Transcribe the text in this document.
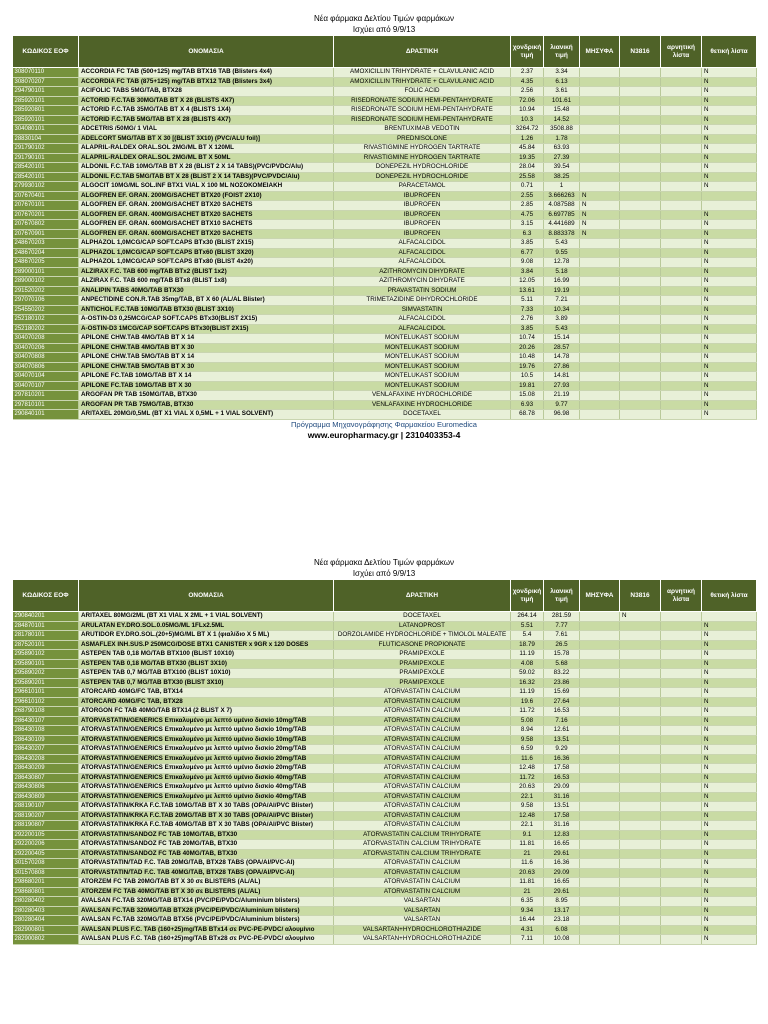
Νέα φάρμακα Δελτίου Τιμών φαρμάκων
Ισχύει από 9/9/13
ΚΩΔΙΚΟΣ ΕΟΦ	ΟΝΟΜΑΣΙΑ	ΔΡΑΣΤΙΚΗ	χονδρική τιμή	λιανική τιμή	ΜΗΣΥΦΑ	N3816	αρνητική λίστα	θετική λίστα
308070110	ACCORDIA FC TAB (500+125) mg/TAB BTX16 TAB (Blisters 4x4)	AMOXICILLIN TRIHYDRATE + CLAVULANIC ACID	2.37	3.34				N
308070207	ACCORDIA FC TAB (875+125) mg/TAB BTX12 TAB (Blisters 3x4)	AMOXICILLIN TRIHYDRATE + CLAVULANIC ACID	4.35	6.13				N
294790101	ACIFOLIC TABS 5MG/TAB, BTX28	FOLIC ACID	2.56	3.61				N
285920101	ACTORID F.C.TAB 30MG/TAB BT X 28 (BLISTS 4X7)	RISEDRONATE SODIUM HEMI-PENTAHYDRATE	72.06	101.61				N
285920801	ACTORID F.C.TAB 35MG/TAB BT X 4 (BLISTS 1X4)	RISEDRONATE SODIUM HEMI-PENTAHYDRATE	10.94	15.48				N
285920101	ACTORID F.C.TAB 5MG/TAB BT X 28 (BLISTS 4X7)	RISEDRONATE SODIUM HEMI-PENTAHYDRATE	10.3	14.52				N
304080101	ADCETRIS /50MG/ 1 VIAL	BRENTUXIMAB VEDOTIN	3264.72	3508.88				N
28830104	ADELCORT 5MG/TAB BT X 30 [(BLIST 3X10) (PVC/ALU foil)]	PREDNISOLONE	1.26	1.78				N
291790102	ALAPRIL-RALDEX ORAL.SOL 2MG/ML BT X 120ML	RIVASTIGMINE HYDROGEN TARTRATE	45.84	63.93				N
291790101	ALAPRIL-RALDEX ORAL.SOL 2MG/ML BT X 50ML	RIVASTIGMINE HYDROGEN TARTRATE	19.35	27.39				N
285420101	ALDONIL F.C.TAB 10MG/TAB BT X 28 (BLIST 2 X 14 TABS)(PVC/PVDC/Alu)	DONEPEZIL HYDROCHLORIDE	28.04	39.54				N
285420101	ALDONIL F.C.TAB 5MG/TAB BT X 28 (BLIST 2 X 14 TABS)(PVC/PVDC/Alu)	DONEPEZIL HYDROCHLORIDE	25.58	38.25				N
279930102	ALGOCIT 10MG/ML SOL.INF BTX1 VIAL X 100 ML ΝΟΣΟΚΟΜΕΙΑΚΗ	PARACETAMOL	0.71	1				N
207670401	ALGOFREN EF. GRAN. 200MG/SACHET BTX20 (FOIST 2X10)	IBUPROFEN	2.55	3.666263	N			
207670101	ALGOFREN EF. GRAN. 200MG/SACHET BTX20 SACHETS	IBUPROFEN	2.85	4.087588	N			
207670201	ALGOFREN EF. GRAN. 400MG/SACHET BTX20 SACHETS	IBUPROFEN	4.75	6.697785	N			N
207670802	ALGOFREN EF. GRAN. 600MG/SACHET BTX10 SACHETS	IBUPROFEN	3.15	4.441689	N			N
207670901	ALGOFREN EF. GRAN. 600MG/SACHET BTX20 SACHETS	IBUPROFEN	6.3	8.883378	N			N
248670203	ALPHAZOL 1,0MCG/CAP SOFT.CAPS BTx30 (BLIST 2X15)	ALFACALCIDOL	3.85	5.43				N
248670204	ALPHAZOL 1,0MCG/CAP SOFT.CAPS BTx60 (BLIST 3X20)	ALFACALCIDOL	6.77	9.55				N
248670205	ALPHAZOL 1,0MCG/CAP SOFT.CAPS BTx80 (BLIST 4x20)	ALFACALCIDOL	9.08	12.78				N
289000101	ALZIRAX F.C. TAB 600 mg/TAB BTx2 (BLIST 1x2)	AZITHROMYCIN DIHYDRATE	3.84	5.18				N
289000102	ALZIRAX F.C. TAB 600 mg/TAB BTx8 (BLIST 1x8)	AZITHROMYCIN DIHYDRATE	12.05	16.99				N
291520202	ANALIPIN TABS 40MG/TAB BTX30	PRAVASTATIN SODIUM	13.61	19.19				N
297070106	ANPECTIDINE CON.R.TAB 35mg/TAB, BT X 60 (AL/AL Blister)	TRIMETAZIDINE DIHYDROCHLORIDE	5.11	7.21				N
254550202	ANTICHOL F.C.TAB 10MG/TAB BTX30 (BLIST 3X10)	SIMVASTATIN	7.33	10.34				N
252180102	A-OSTIN-D3 0,25MCG/CAP SOFT.CAPS BTx30(BLIST 2X15)	ALFACALCIDOL	2.76	3.89				N
252180202	A-OSTIN-D3 1MCG/CAP SOFT.CAPS BTx30(BLIST 2X15)	ALFACALCIDOL	3.85	5.43				N
304070208	APILONE CHW.TAB 4MG/TAB BT X 14	MONTELUKAST SODIUM	10.74	15.14				N
304070206	APILONE CHW.TAB 4MG/TAB BT X 30	MONTELUKAST SODIUM	20.26	28.57				N
304070808	APILONE CHW.TAB 5MG/TAB BT X 14	MONTELUKAST SODIUM	10.48	14.78				N
304070806	APILONE CHW.TAB 5MG/TAB BT X 30	MONTELUKAST SODIUM	19.76	27.86				N
304070104	APILONE FC.TAB 10MG/TAB BT X 14	MONTELUKAST SODIUM	10.5	14.81				N
304070107	APILONE FC.TAB 10MG/TAB BT X 30	MONTELUKAST SODIUM	19.81	27.93				N
297810201	ARGOFAN PR TAB 150MG/TAB, BTX30	VENLAFAXINE HYDROCHLORIDE	15.08	21.19				N
297810101	ARGOFAN PR TAB 75MG/TAB, BTX30	VENLAFAXINE HYDROCHLORIDE	6.93	9.77				N
290840101	ARITAXEL 20MG/0,5ML (BT X1 VIAL X 0,5ML + 1 VIAL SOLVENT)	DOCETAXEL	68.78	96.98				N
Πρόγραμμα Μηχανογράφησης Φαρμακείου Euromedica
www.europharmacy.gr | 2310403353-4
Νέα φάρμακα Δελτίου Τιμών φαρμάκων
Ισχύει από 9/9/13
ΚΩΔΙΚΟΣ ΕΟΦ	ΟΝΟΜΑΣΙΑ	ΔΡΑΣΤΙΚΗ	χονδρική τιμή	λιανική τιμή	ΜΗΣΥΦΑ	N3816	αρνητική λίστα	θετική λίστα
290840201	ARITAXEL 80MG/2ML (BT X1 VIAL X 2ML + 1 VIAL SOLVENT)	DOCETAXEL	264.14	281.59		N		
284870101	ARULATAN EY.DRO.SOL.0.05MG/ML 1FLx2.5ML	LATANOPROST	5.51	7.77				N
281780101	ARUTIDOR EY.DRO.SOL.(20+5)MG/ML BT X 1 (φιαλίδιο X 5 ML)	DORZOLAMIDE HYDROCHLORIDE + TIMOLOL MALEATE	5.4	7.61				N
287520101	ASMAFLEX INH.SUS.P 250MCG/DOSE BTX1 CANISTER x 9GR x 120 DOSES	FLUTICASONE PROPIONATE	18.79	26.5				N
295890102	ASTEPEN TAB 0,18 MG/TAB BTX100 (BLIST 10X10)	PRAMIPEXOLE	11.19	15.78				N
295890101	ASTEPEN TAB 0,18 MG/TAB BTX30 (BLIST 3X10)	PRAMIPEXOLE	4.08	5.68				N
295890202	ASTEPEN TAB 0,7 MG/TAB BTX100 (BLIST 10X10)	PRAMIPEXOLE	59.02	83.22				N
295890201	ASTEPEN TAB 0,7 MG/TAB BTX30 (BLIST 3X10)	PRAMIPEXOLE	16.32	23.86				N
296610101	ATORCARD 40MG/FC TAB, BTX14	ATORVASTATIN CALCIUM	11.19	15.69				N
296610102	ATORCARD 40MG/FC TAB, BTX28	ATORVASTATIN CALCIUM	19.6	27.64				N
268790108	ATORGON FC TAB 40MG/TAB BTX14 (2 BLIST X 7)	ATORVASTATIN CALCIUM	11.72	16.53				N
286430107	ATORVASTATIN/GENERICS Επικαλυμένο με λεπτό υμένιο δισκίο 10mg/TAB	ATORVASTATIN CALCIUM	5.08	7.16				N
286430108	ATORVASTATIN/GENERICS Επικαλυμένο με λεπτό υμένιο δισκίο 10mg/TAB	ATORVASTATIN CALCIUM	8.94	12.61				N
286430109	ATORVASTATIN/GENERICS Επικαλυμένο με λεπτό υμένιο δισκίο 10mg/TAB	ATORVASTATIN CALCIUM	9.58	13.51				N
286430207	ATORVASTATIN/GENERICS Επικαλυμένο με λεπτό υμένιο δισκίο 20mg/TAB	ATORVASTATIN CALCIUM	6.59	9.29				N
286430208	ATORVASTATIN/GENERICS Επικαλυμένο με λεπτό υμένιο δισκίο 20mg/TAB	ATORVASTATIN CALCIUM	11.6	16.36				N
286430209	ATORVASTATIN/GENERICS Επικαλυμένο με λεπτό υμένιο δισκίο 20mg/TAB	ATORVASTATIN CALCIUM	12.48	17.58				N
286430807	ATORVASTATIN/GENERICS Επικαλυμένο με λεπτό υμένιο δισκίο 40mg/TAB	ATORVASTATIN CALCIUM	11.72	16.53				N
286430806	ATORVASTATIN/GENERICS Επικαλυμένο με λεπτό υμένιο δισκίο 40mg/TAB	ATORVASTATIN CALCIUM	20.63	29.09				N
286430809	ATORVASTATIN/GENERICS Επικαλυμένο με λεπτό υμένιο δισκίο 40mg/TAB	ATORVASTATIN CALCIUM	22.1	31.16				N
288190107	ATORVASTATIN/KRKA F.C.TAB 10MG/TAB BT X 30 TABS (OPA/Al/PVC Blister)	ATORVASTATIN CALCIUM	9.58	13.51				N
288190207	ATORVASTATIN/KRKA F.C.TAB 20MG/TAB BT X 30 TABS (OPA/Al/PVC Blister)	ATORVASTATIN CALCIUM	12.48	17.58				N
288190807	ATORVASTATIN/KRKA F.C.TAB 40MG/TAB BT X 30 TABS (OPA/Al/PVC Blister)	ATORVASTATIN CALCIUM	22.1	31.16				N
292200105	ATORVASTATIN/SANDOZ FC TAB 10MG/TAB, BTX30	ATORVASTATIN CALCIUM TRIHYDRATE	9.1	12.83				N
292200206	ATORVASTATIN/SANDOZ FC TAB 20MG/TAB, BTX30	ATORVASTATIN CALCIUM TRIHYDRATE	11.81	16.65				N
292200405	ATORVASTATIN/SANDOZ FC TAB 40MG/TAB, BTX30	ATORVASTATIN CALCIUM TRIHYDRATE	21	29.61				N
301570208	ATORVASTATIN/TAD F.C. TAB 20MG/TAB, BTX28 TABS (OPA/Al/PVC-Al)	ATORVASTATIN CALCIUM	11.6	16.36				N
301570808	ATORVASTATIN/TAD F.C. TAB 40MG/TAB, BTX28 TABS (OPA/Al/PVC-Al)	ATORVASTATIN CALCIUM	20.63	29.09				N
298680201	ATORZEM FC TAB 20MG/TAB BT X 30 σε BLISTERS (AL/AL)	ATORVASTATIN CALCIUM	11.81	16.65				N
298680801	ATORZEM FC TAB 40MG/TAB BT X 30 σε BLISTERS (AL/AL)	ATORVASTATIN CALCIUM	21	29.61				N
280280402	AVALSAN FC.TAB 320MG/TAB BTX14 (PVC/PE/PVDC/Aluminium blisters)	VALSARTAN	6.35	8.95				N
280280403	AVALSAN FC.TAB 320MG/TAB BTX28 (PVC/PE/PVDC/Aluminium blisters)	VALSARTAN	9.34	13.17				N
280280404	AVALSAN FC.TAB 320MG/TAB BTX56 (PVC/PE/PVDC/Aluminium blisters)	VALSARTAN	16.44	23.18				N
282900801	AVALSAN PLUS F.C. TAB (160+25)mg/TAB BTx14 σε PVC-PE-PVDC/ αλουμίνιο	VALSARTAN+HYDROCHLOROTHIAZIDE	4.31	6.08				N
282900802	AVALSAN PLUS F.C. TAB (160+25)mg/TAB BTx28 σε PVC-PE-PVDC/ αλουμίνιο	VALSARTAN+HYDROCHLOROTHIAZIDE	7.11	10.08				N
